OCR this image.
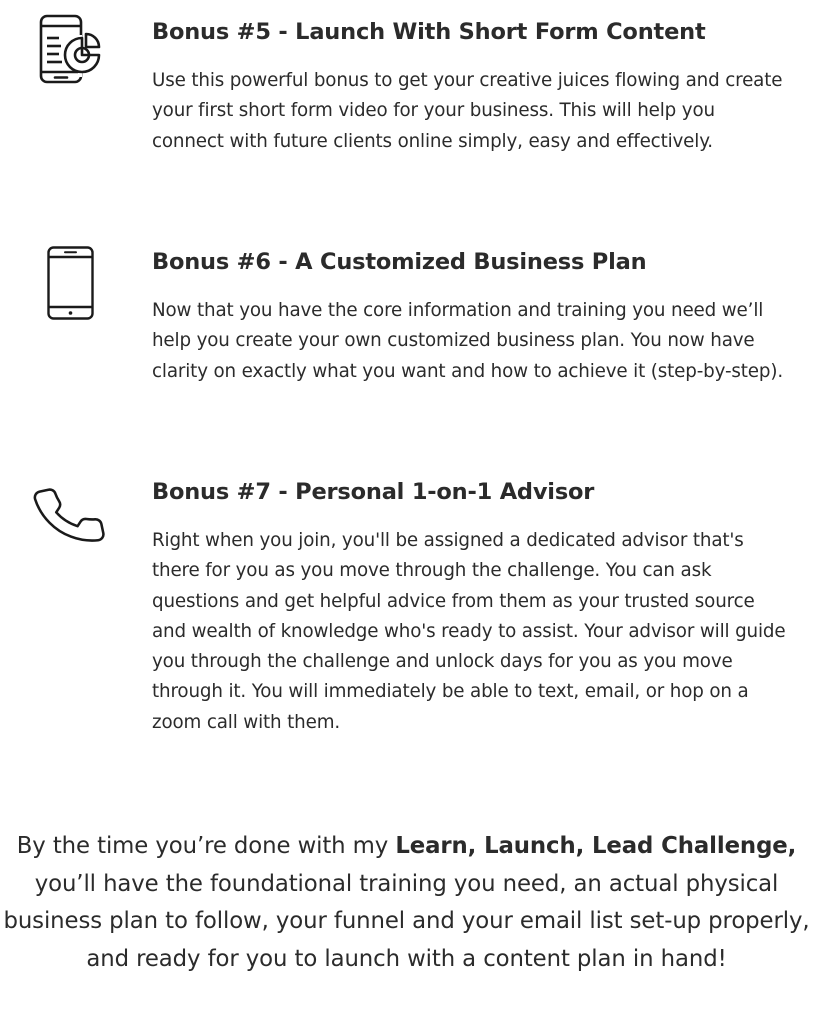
Bonus #5 - Launch With Short Form Content

Use this powerful bonus to get your creative juices flowing and create your first short form video for your business. This will help you connect with future clients online simply, easy and effectively.

Bonus #6 - A Customized Business Plan

Now that you have the core information and training you need we’ll help you create your own customized business plan. You now have clarity on exactly what you want and how to achieve it (step-by-step).

Bonus #7 - Personal 1-on-1 Advisor

Right when you join, you'll be assigned a dedicated advisor that's there for you as you move through the challenge. You can ask questions and get helpful advice from them as your trusted source and wealth of knowledge who's ready to assist. Your advisor will guide you through the challenge and unlock days for you as you move through it. You will immediately be able to text, email, or hop on a zoom call with them.

By the time you’re done with my Learn, Launch, Lead Challenge, you’ll have the foundational training you need, an actual physical business plan to follow, your funnel and your email list set-up properly, and ready for you to launch with a content plan in hand!
